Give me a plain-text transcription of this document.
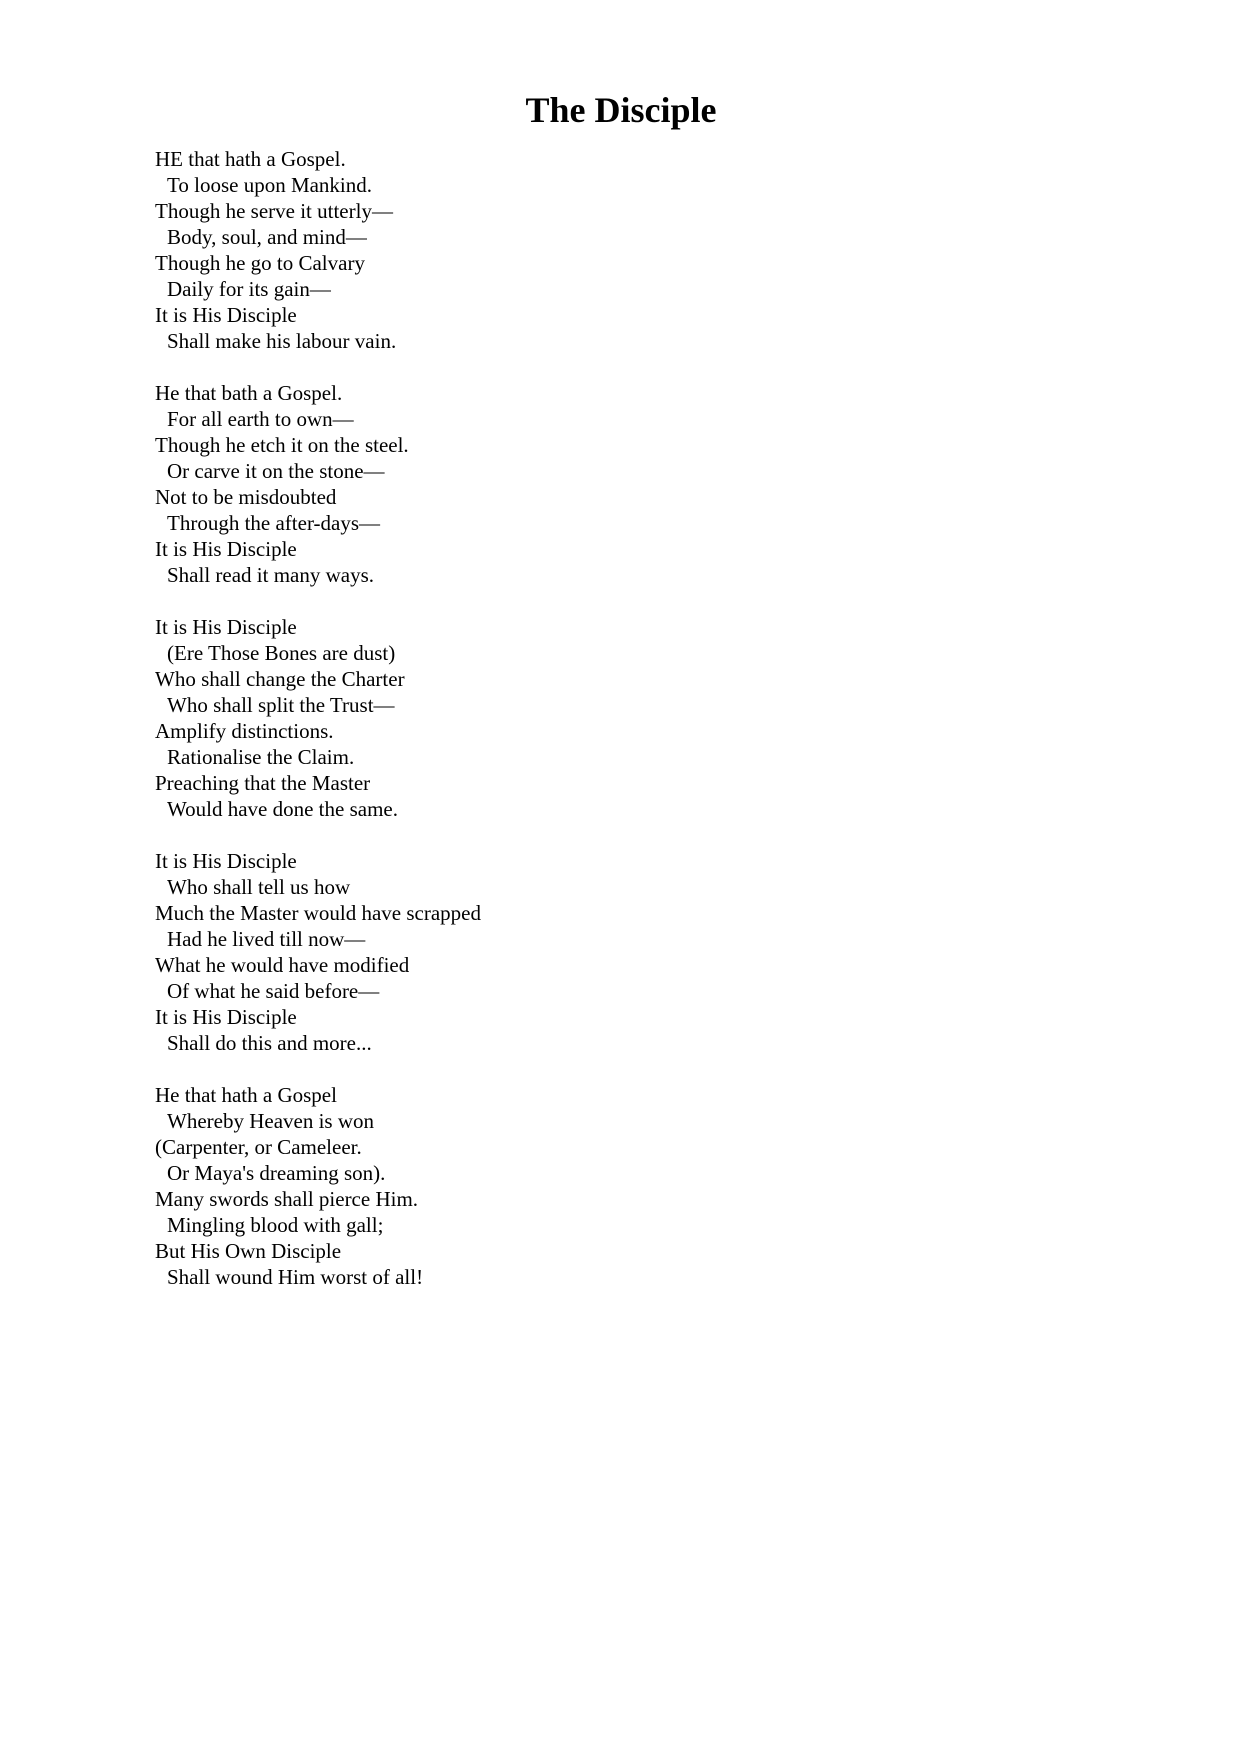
The Disciple
HE that hath a Gospel.
To loose upon Mankind.
Though he serve it utterly—
Body, soul, and mind—
Though he go to Calvary
Daily for its gain—
It is His Disciple
Shall make his labour vain.
He that bath a Gospel.
For all earth to own—
Though he etch it on the steel.
Or carve it on the stone—
Not to be misdoubted
Through the after-days—
It is His Disciple
Shall read it many ways.
It is His Disciple
(Ere Those Bones are dust)
Who shall change the Charter
Who shall split the Trust—
Amplify distinctions.
Rationalise the Claim.
Preaching that the Master
Would have done the same.
It is His Disciple
Who shall tell us how
Much the Master would have scrapped
Had he lived till now—
What he would have modified
Of what he said before—
It is His Disciple
Shall do this and more...
He that hath a Gospel
Whereby Heaven is won
(Carpenter, or Cameleer.
Or Maya's dreaming son).
Many swords shall pierce Him.
Mingling blood with gall;
But His Own Disciple
Shall wound Him worst of all!
